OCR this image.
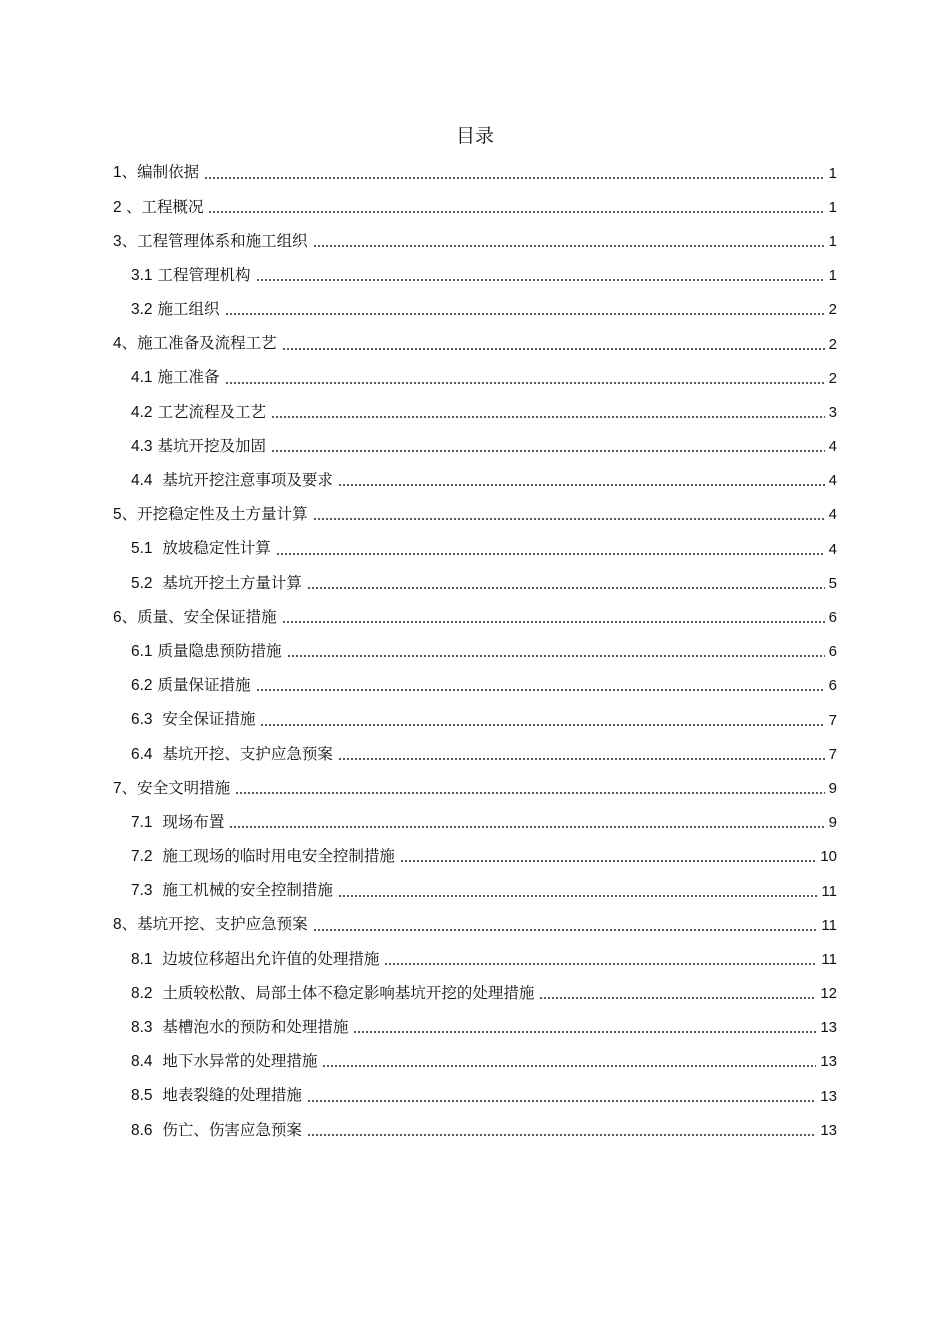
目录
1、编制依据	1
2 、工程概况	1
3、工程管理体系和施工组织	1
3.1 工程管理机构	1
3.2 施工组织	2
4、施工准备及流程工艺	2
4.1 施工准备	2
4.2 工艺流程及工艺	3
4.3 基坑开挖及加固	4
4.4 基坑开挖注意事项及要求	4
5、开挖稳定性及土方量计算	4
5.1 放坡稳定性计算	4
5.2 基坑开挖土方量计算	5
6、质量、安全保证措施	6
6.1 质量隐患预防措施	6
6.2 质量保证措施	6
6.3 安全保证措施	7
6.4 基坑开挖、支护应急预案	7
7、安全文明措施	9
7.1 现场布置	9
7.2 施工现场的临时用电安全控制措施	10
7.3 施工机械的安全控制措施	11
8、基坑开挖、支护应急预案	11
8.1 边坡位移超出允许值的处理措施	11
8.2 土质较松散、局部土体不稳定影响基坑开挖的处理措施	12
8.3 基槽泡水的预防和处理措施	13
8.4 地下水异常的处理措施	13
8.5 地表裂缝的处理措施	13
8.6 伤亡、伤害应急预案	13
